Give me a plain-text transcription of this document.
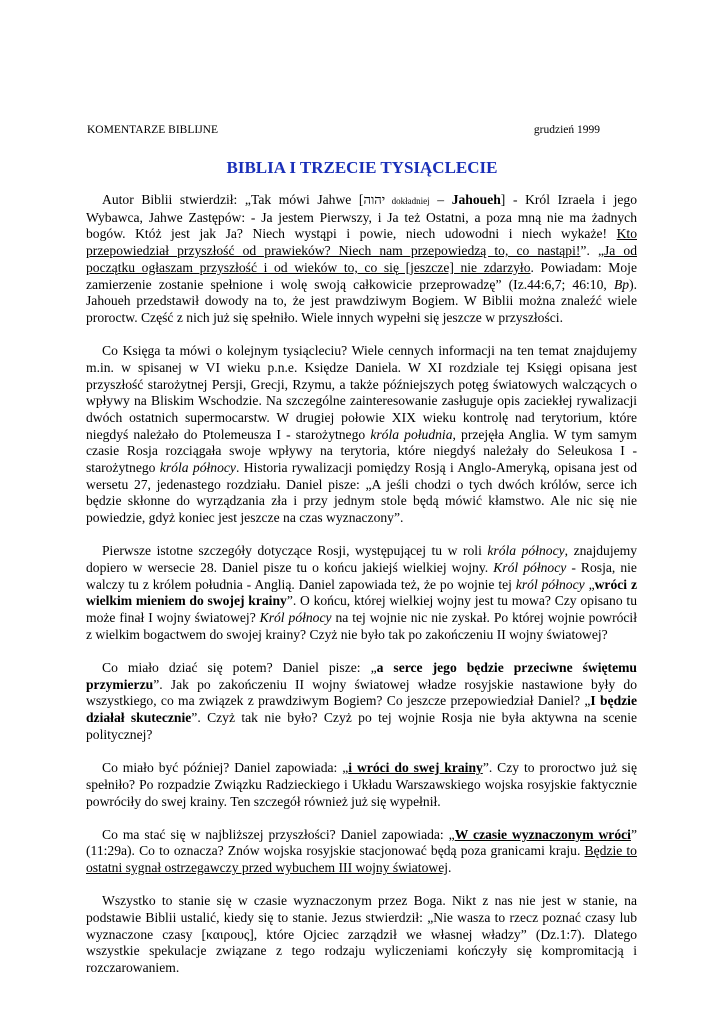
KOMENTARZE BIBLIJNE	grudzień 1999
BIBLIA I TRZECIE TYSIĄCLECIE

Autor Biblii stwierdził: „Tak mówi Jahwe [יהוה dokładniej – Jahoueh] - Król Izraela i jego Wybawca, Jahwe Zastępów: - Ja jestem Pierwszy, i Ja też Ostatni, a poza mną nie ma żadnych bogów. Któż jest jak Ja? Niech wystąpi i powie, niech udowodni i niech wykaże! Kto przepowiedział przyszłość od prawieków? Niech nam przepowiedzą to, co nastąpi!”. „Ja od początku ogłaszam przyszłość i od wieków to, co się [jeszcze] nie zdarzyło. Powiadam: Moje zamierzenie zostanie spełnione i wolę swoją całkowicie przeprowadzę” (Iz.44:6,7; 46:10, Bp). Jahoueh przedstawił dowody na to, że jest prawdziwym Bogiem. W Biblii można znaleźć wiele proroctw. Część z nich już się spełniło. Wiele innych wypełni się jeszcze w przyszłości.

Co Księga ta mówi o kolejnym tysiącleciu? Wiele cennych informacji na ten temat znajdujemy m.in. w spisanej w VI wieku p.n.e. Księdze Daniela. W XI rozdziale tej Księgi opisana jest przyszłość starożytnej Persji, Grecji, Rzymu, a także późniejszych potęg światowych walczących o wpływy na Bliskim Wschodzie. Na szczególne zainteresowanie zasługuje opis zaciekłej rywalizacji dwóch ostatnich supermocarstw. W drugiej połowie XIX wieku kontrolę nad terytorium, które niegdyś należało do Ptolemeusza I - starożytnego króla południa, przejęła Anglia. W tym samym czasie Rosja rozciągała swoje wpływy na terytoria, które niegdyś należały do Seleukosa I - starożytnego króla północy. Historia rywalizacji pomiędzy Rosją i Anglo-Ameryką, opisana jest od wersetu 27, jedenastego rozdziału. Daniel pisze: „A jeśli chodzi o tych dwóch królów, serce ich będzie skłonne do wyrządzania zła i przy jednym stole będą mówić kłamstwo. Ale nic się nie powiedzie, gdyż koniec jest jeszcze na czas wyznaczony”.

Pierwsze istotne szczegóły dotyczące Rosji, występującej tu w roli króla północy, znajdujemy dopiero w wersecie 28. Daniel pisze tu o końcu jakiejś wielkiej wojny. Król północy - Rosja, nie walczy tu z królem południa - Anglią. Daniel zapowiada też, że po wojnie tej król północy „wróci z wielkim mieniem do swojej krainy”. O końcu, której wielkiej wojny jest tu mowa? Czy opisano tu może finał I wojny światowej? Król północy na tej wojnie nic nie zyskał. Po której wojnie powrócił z wielkim bogactwem do swojej krainy? Czyż nie było tak po zakończeniu II wojny światowej?

Co miało dziać się potem? Daniel pisze: „a serce jego będzie przeciwne świętemu przymierzu”. Jak po zakończeniu II wojny światowej władze rosyjskie nastawione były do wszystkiego, co ma związek z prawdziwym Bogiem? Co jeszcze przepowiedział Daniel? „I będzie działał skutecznie”. Czyż tak nie było? Czyż po tej wojnie Rosja nie była aktywna na scenie politycznej?

Co miało być później? Daniel zapowiada: „i wróci do swej krainy”. Czy to proroctwo już się spełniło? Po rozpadzie Związku Radzieckiego i Układu Warszawskiego wojska rosyjskie faktycznie powróciły do swej krainy. Ten szczegół również już się wypełnił.

Co ma stać się w najbliższej przyszłości? Daniel zapowiada: „W czasie wyznaczonym wróci” (11:29a). Co to oznacza? Znów wojska rosyjskie stacjonować będą poza granicami kraju. Będzie to ostatni sygnał ostrzegawczy przed wybuchem III wojny światowej.

Wszystko to stanie się w czasie wyznaczonym przez Boga. Nikt z nas nie jest w stanie, na podstawie Biblii ustalić, kiedy się to stanie. Jezus stwierdził: „Nie wasza to rzecz poznać czasy lub wyznaczone czasy [καιρους], które Ojciec zarządził we własnej władzy” (Dz.1:7). Dlatego wszystkie spekulacje związane z tego rodzaju wyliczeniami kończyły się kompromitacją i rozczarowaniem.
